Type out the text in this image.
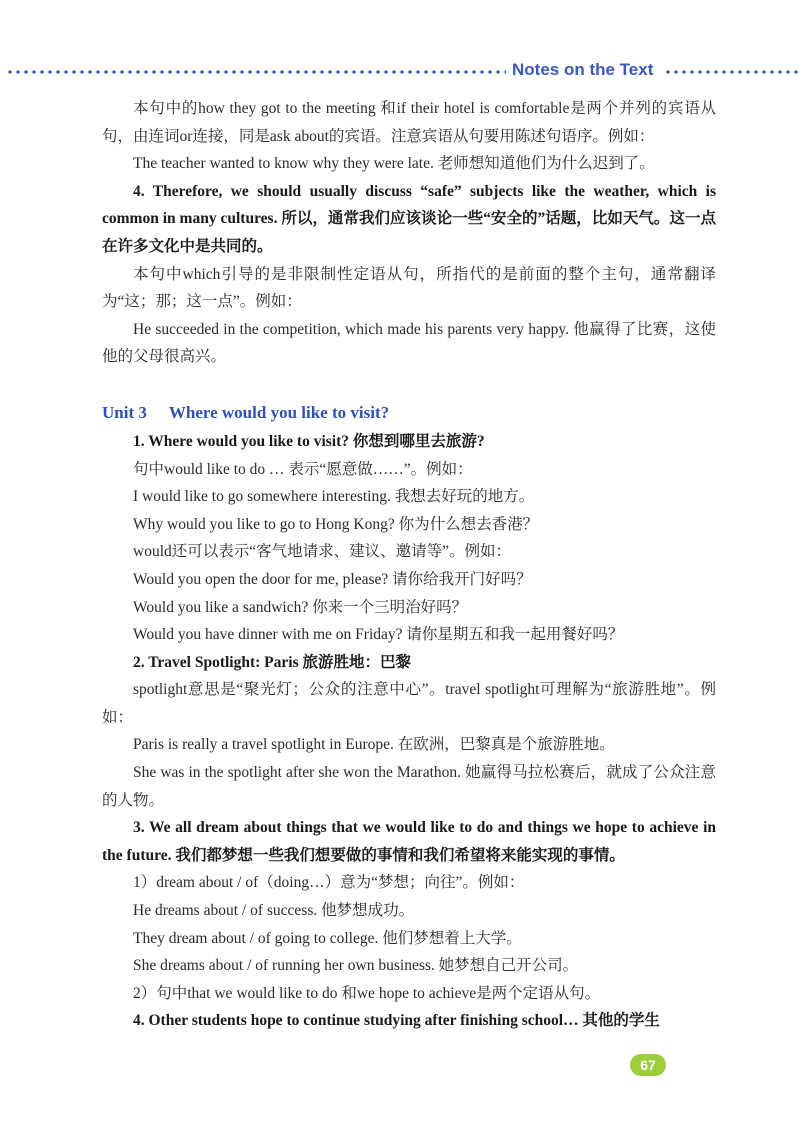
Notes on the Text

本句中的how they got to the meeting 和if their hotel is comfortable是两个并列的宾语从句，由连词or连接，同是ask about的宾语。注意宾语从句要用陈述句语序。例如：

The teacher wanted to know why they were late. 老师想知道他们为什么迟到了。

4. Therefore, we should usually discuss “safe” subjects like the weather, which is common in many cultures. 所以，通常我们应该谈论一些“安全的”话题，比如天气。这一点在许多文化中是共同的。

本句中which引导的是非限制性定语从句，所指代的是前面的整个主句，通常翻译为“这；那；这一点”。例如：

He succeeded in the competition, which made his parents very happy. 他赢得了比赛，这使他的父母很高兴。

Unit 3 Where would you like to visit?

1. Where would you like to visit? 你想到哪里去旅游?

句中would like to do … 表示“愿意做……”。例如：

I would like to go somewhere interesting. 我想去好玩的地方。

Why would you like to go to Hong Kong? 你为什么想去香港？

would还可以表示“客气地请求、建议、邀请等”。例如：

Would you open the door for me, please? 请你给我开门好吗？

Would you like a sandwich? 你来一个三明治好吗？

Would you have dinner with me on Friday? 请你星期五和我一起用餐好吗？

2. Travel Spotlight: Paris 旅游胜地：巴黎

spotlight意思是“聚光灯；公众的注意中心”。travel spotlight可理解为“旅游胜地”。例如：

Paris is really a travel spotlight in Europe. 在欧洲，巴黎真是个旅游胜地。

She was in the spotlight after she won the Marathon. 她赢得马拉松赛后，就成了公众注意的人物。

3. We all dream about things that we would like to do and things we hope to achieve in the future. 我们都梦想一些我们想要做的事情和我们希望将来能实现的事情。

1）dream about / of（doing…）意为“梦想；向往”。例如：

He dreams about / of success. 他梦想成功。

They dream about / of going to college. 他们梦想着上大学。

She dreams about / of running her own business. 她梦想自己开公司。

2）句中that we would like to do 和we hope to achieve是两个定语从句。

4. Other students hope to continue studying after finishing school… 其他的学生

67
